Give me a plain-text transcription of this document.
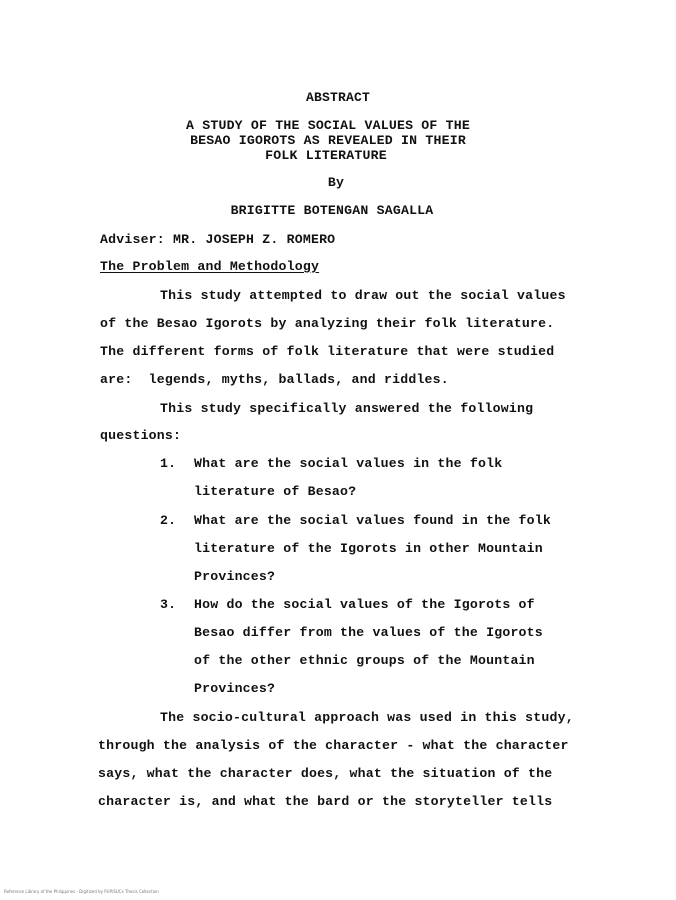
ABSTRACT
A STUDY OF THE SOCIAL VALUES OF THE
BESAO IGOROTS AS REVEALED IN THEIR
FOLK LITERATURE
By
BRIGITTE BOTENGAN SAGALLA
Adviser: MR. JOSEPH Z. ROMERO
The Problem and Methodology
This study attempted to draw out the social values
of the Besao Igorots by analyzing their folk literature.
The different forms of folk literature that were studied
are:  legends, myths, ballads, and riddles.
This study specifically answered the following
questions:
1. What are the social values in the folk
literature of Besao?
2. What are the social values found in the folk
literature of the Igorots in other Mountain
Provinces?
3. How do the social values of the Igorots of
Besao differ from the values of the Igorots
of the other ethnic groups of the Mountain
Provinces?
The socio-cultural approach was used in this study,
through the analysis of the character - what the character
says, what the character does, what the situation of the
character is, and what the bard or the storyteller tells
Reference Library of the Philippines - Digitized by PUP/SUCs Thesis Collection
